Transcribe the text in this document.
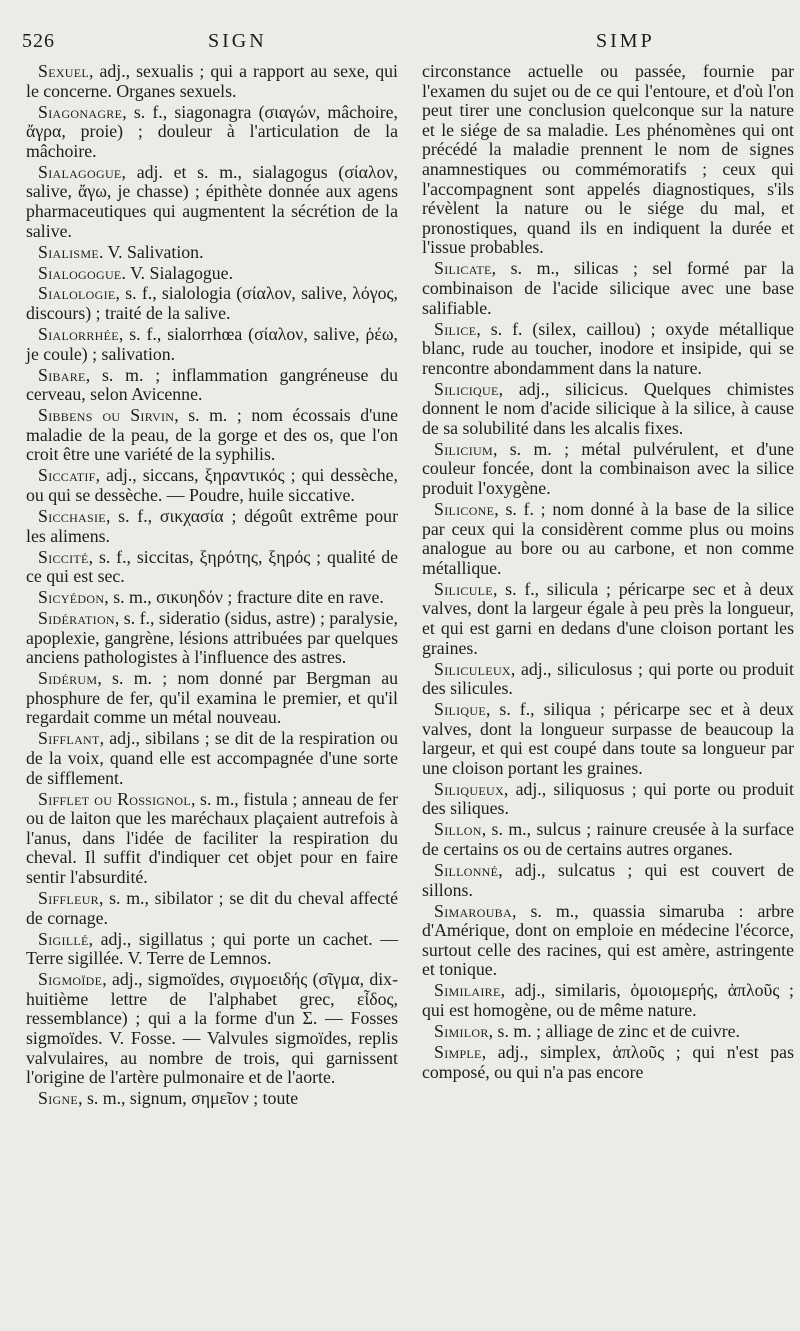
526	SIGN	SIMP

Sexuel, adj., sexualis ; qui a rapport au sexe, qui le concerne. Organes sexuels.

Siagonagre, s. f., siagonagra (σιαγών, mâchoire, ἄγρα, proie) ; douleur à l'articulation de la mâchoire.

Sialagogue, adj. et s. m., sialagogus (σίαλον, salive, ἄγω, je chasse) ; épithète donnée aux agens pharmaceutiques qui augmentent la sécrétion de la salive.

Sialisme. V. Salivation.

Sialogogue. V. Sialagogue.

Sialologie, s. f., sialologia (σίαλον, salive, λόγος, discours) ; traité de la salive.

Sialorrhée, s. f., sialorrhœa (σίαλον, salive, ῥέω, je coule) ; salivation.

Sibare, s. m. ; inflammation gangréneuse du cerveau, selon Avicenne.

Sibbens ou Sirvin, s. m. ; nom écossais d'une maladie de la peau, de la gorge et des os, que l'on croit être une variété de la syphilis.

Siccatif, adj., siccans, ξηραντικός ; qui dessèche, ou qui se dessèche. — Poudre, huile siccative.

Sicchasie, s. f., σικχασία ; dégoût extrême pour les alimens.

Siccité, s. f., siccitas, ξηρότης, ξηρός ; qualité de ce qui est sec.

Sicyédon, s. m., σικυηδόν ; fracture dite en rave.

Sidération, s. f., sideratio (sidus, astre) ; paralysie, apoplexie, gangrène, lésions attribuées par quelques anciens pathologistes à l'influence des astres.

Sidérum, s. m. ; nom donné par Bergman au phosphure de fer, qu'il examina le premier, et qu'il regardait comme un métal nouveau.

Sifflant, adj., sibilans ; se dit de la respiration ou de la voix, quand elle est accompagnée d'une sorte de sifflement.

Sifflet ou Rossignol, s. m., fistula ; anneau de fer ou de laiton que les maréchaux plaçaient autrefois à l'anus, dans l'idée de faciliter la respiration du cheval. Il suffit d'indiquer cet objet pour en faire sentir l'absurdité.

Siffleur, s. m., sibilator ; se dit du cheval affecté de cornage.

Sigillé, adj., sigillatus ; qui porte un cachet. — Terre sigillée. V. Terre de Lemnos.

Sigmoïde, adj., sigmoïdes, σιγμοειδής (σῖγμα, dix-huitième lettre de l'alphabet grec, εἶδος, ressemblance) ; qui a la forme d'un Σ. — Fosses sigmoïdes. V. Fosse. — Valvules sigmoïdes, replis valvulaires, au nombre de trois, qui garnissent l'origine de l'artère pulmonaire et de l'aorte.

Signe, s. m., signum, σημεῖον ; toute

circonstance actuelle ou passée, fournie par l'examen du sujet ou de ce qui l'entoure, et d'où l'on peut tirer une conclusion quelconque sur la nature et le siége de sa maladie. Les phénomènes qui ont précédé la maladie prennent le nom de signes anamnestiques ou commémoratifs ; ceux qui l'accompagnent sont appelés diagnostiques, s'ils révèlent la nature ou le siége du mal, et pronostiques, quand ils en indiquent la durée et l'issue probables.

Silicate, s. m., silicas ; sel formé par la combinaison de l'acide silicique avec une base salifiable.

Silice, s. f. (silex, caillou) ; oxyde métallique blanc, rude au toucher, inodore et insipide, qui se rencontre abondamment dans la nature.

Silicique, adj., silicicus. Quelques chimistes donnent le nom d'acide silicique à la silice, à cause de sa solubilité dans les alcalis fixes.

Silicium, s. m. ; métal pulvérulent, et d'une couleur foncée, dont la combinaison avec la silice produit l'oxygène.

Silicone, s. f. ; nom donné à la base de la silice par ceux qui la considèrent comme plus ou moins analogue au bore ou au carbone, et non comme métallique.

Silicule, s. f., silicula ; péricarpe sec et à deux valves, dont la largeur égale à peu près la longueur, et qui est garni en dedans d'une cloison portant les graines.

Siliculeux, adj., siliculosus ; qui porte ou produit des silicules.

Silique, s. f., siliqua ; péricarpe sec et à deux valves, dont la longueur surpasse de beaucoup la largeur, et qui est coupé dans toute sa longueur par une cloison portant les graines.

Siliqueux, adj., siliquosus ; qui porte ou produit des siliques.

Sillon, s. m., sulcus ; rainure creusée à la surface de certains os ou de certains autres organes.

Sillonné, adj., sulcatus ; qui est couvert de sillons.

Simarouba, s. m., quassia simaruba : arbre d'Amérique, dont on emploie en médecine l'écorce, surtout celle des racines, qui est amère, astringente et tonique.

Similaire, adj., similaris, ὁμοιομερής, ἁπλοῦς ; qui est homogène, ou de même nature.

Similor, s. m. ; alliage de zinc et de cuivre.

Simple, adj., simplex, ἁπλοῦς ; qui n'est pas composé, ou qui n'a pas encore
